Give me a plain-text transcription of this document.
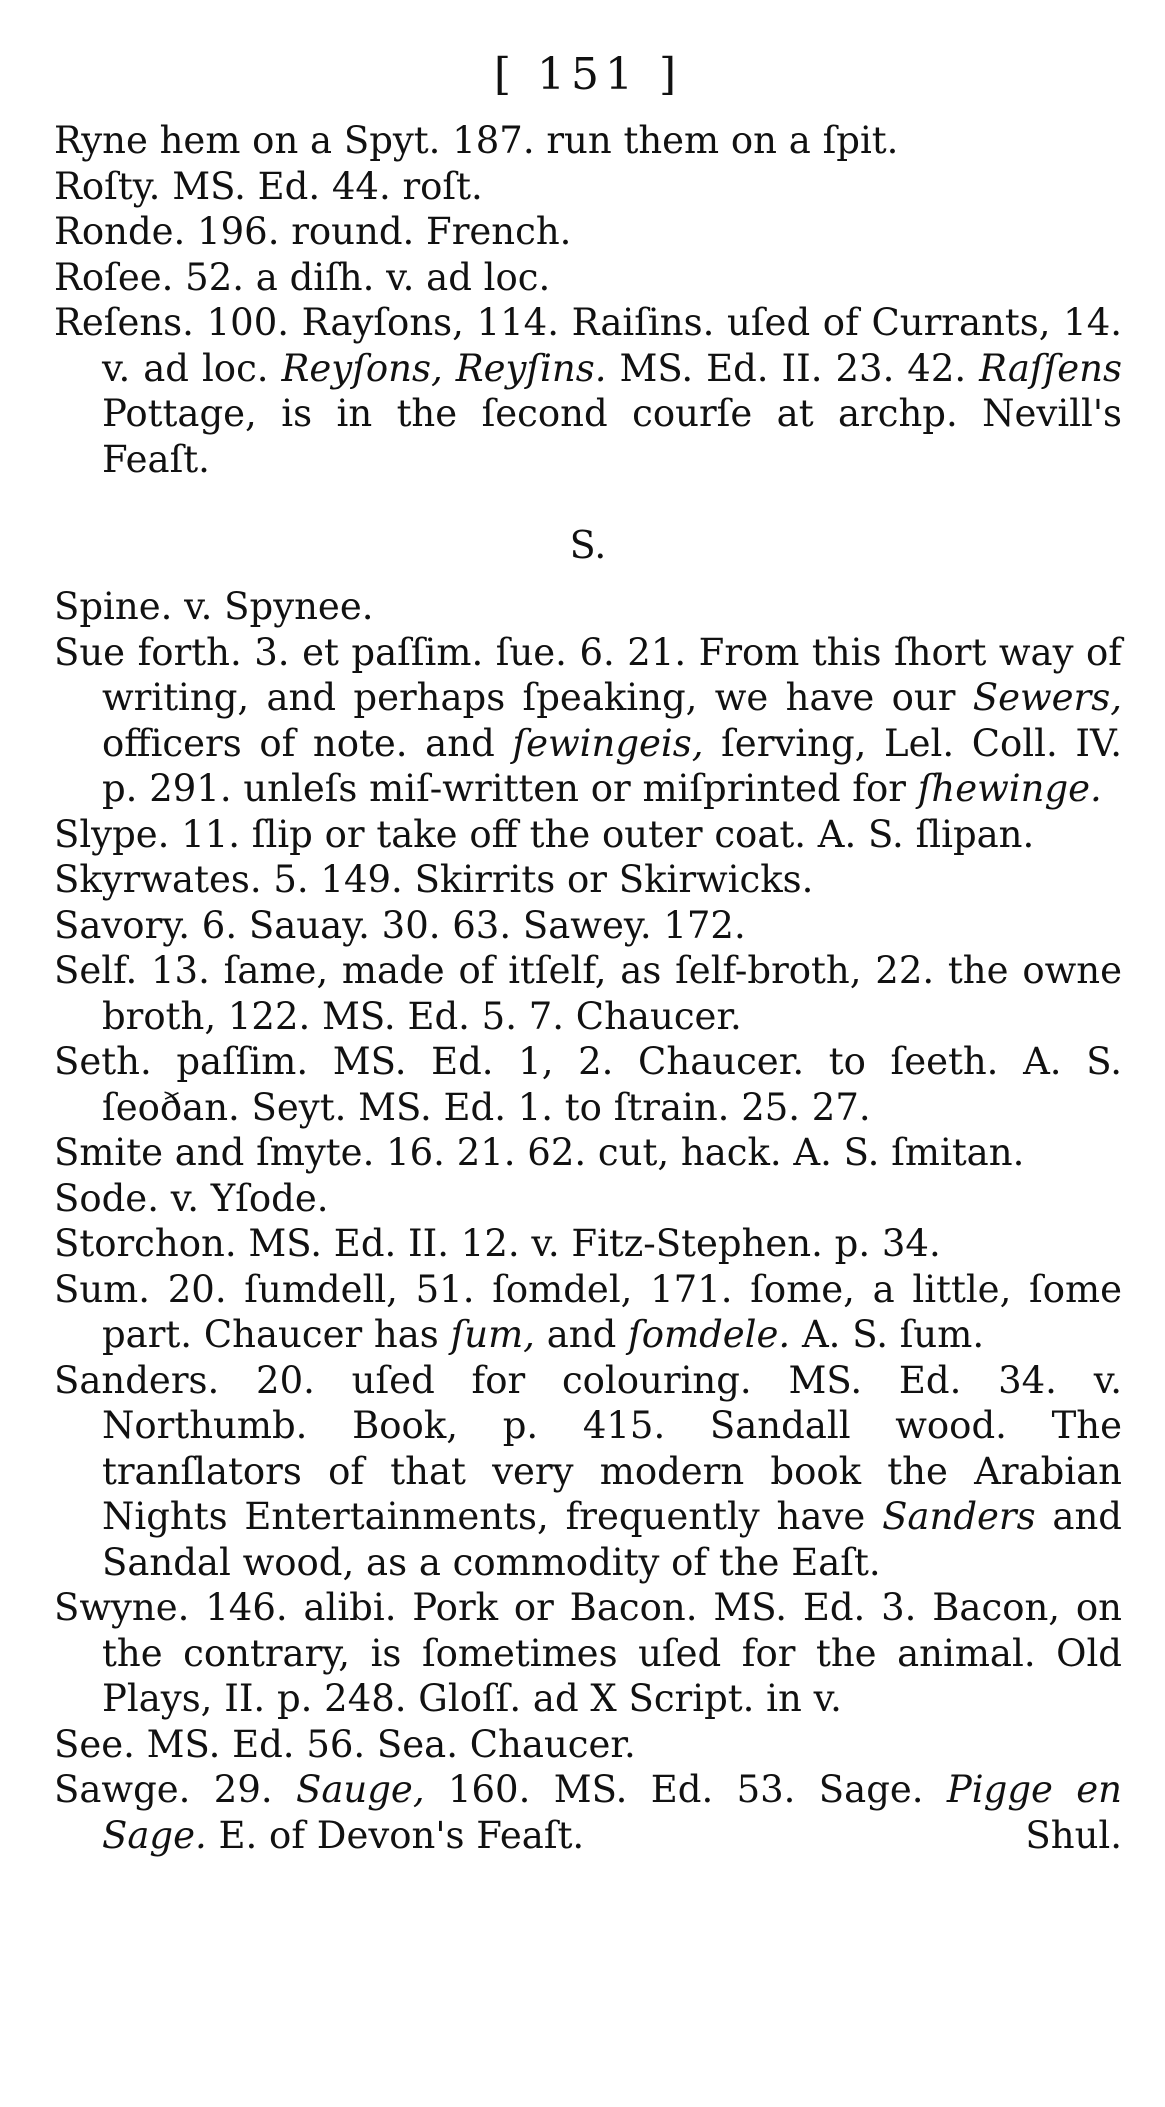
[ 151 ]
Ryne hem on a Spyt. 187. run them on a ſpit.
Roſty. MS. Ed. 44. roſt.
Ronde. 196. round. French.
Roſee. 52. a diſh. v. ad loc.
Reſens. 100. Rayſons, 114. Raiſins. uſed of Currants, 14. v. ad loc. Reyſons, Reyſins. MS. Ed. II. 23. 42. Raſſens Pottage, is in the ſecond courſe at archp. Nevill's Feaſt.
S.
Spine. v. Spynee.
Sue forth. 3. et paſſim. ſue. 6. 21. From this ſhort way of writing, and perhaps ſpeaking, we have our Sewers, officers of note. and ſewingeis, ſerving, Lel. Coll. IV. p. 291. unleſs miſ-written or miſprinted for ſhewinge.
Slype. 11. ſlip or take off the outer coat. A. S. ſlipan.
Skyrwates. 5. 149. Skirrits or Skirwicks.
Savory. 6. Sauay. 30. 63. Sawey. 172.
Self. 13. ſame, made of itſelf, as ſelf-broth, 22. the owne broth, 122. MS. Ed. 5. 7. Chaucer.
Seth. paſſim. MS. Ed. 1, 2. Chaucer. to ſeeth. A. S. ſeoðan. Seyt. MS. Ed. 1. to ſtrain. 25. 27.
Smite and ſmyte. 16. 21. 62. cut, hack. A. S. ſmitan.
Sode. v. Yſode.
Storchon. MS. Ed. II. 12. v. Fitz-Stephen. p. 34.
Sum. 20. ſumdell, 51. ſomdel, 171. ſome, a little, ſome part. Chaucer has ſum, and ſomdele. A. S. ſum.
Sanders. 20. uſed for colouring. MS. Ed. 34. v. Northumb. Book, p. 415. Sandall wood. The tranſlators of that very modern book the Arabian Nights Entertainments, frequently have Sanders and Sandal wood, as a commodity of the Eaſt.
Swyne. 146. alibi. Pork or Bacon. MS. Ed. 3. Bacon, on the contrary, is ſometimes uſed for the animal. Old Plays, II. p. 248. Gloſſ. ad X Script. in v.
See. MS. Ed. 56. Sea. Chaucer.
Sawge. 29. Sauge, 160. MS. Ed. 53. Sage. Pigge en Sage. E. of Devon's Feaſt.	Shul.
